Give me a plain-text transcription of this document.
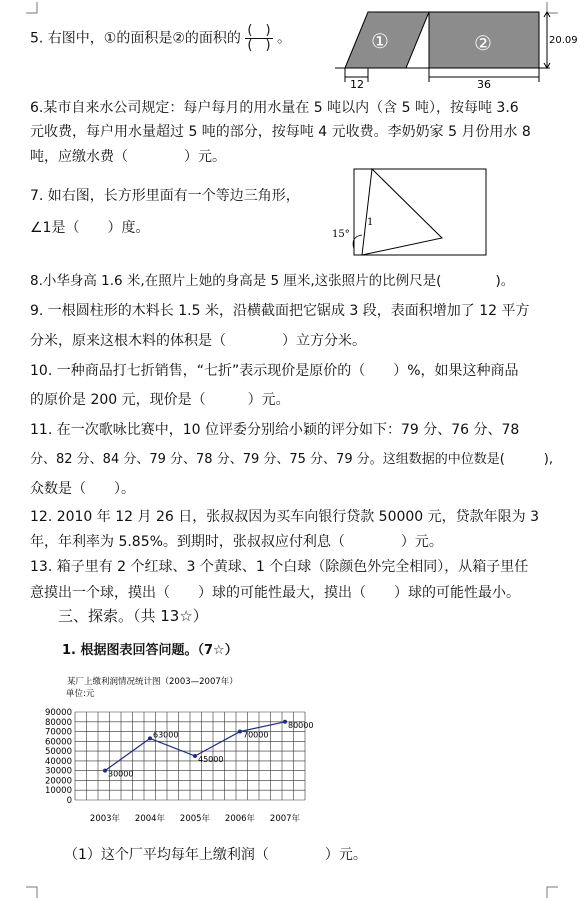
5. 右图中，①的面积是②的面积的 $\frac{( )}{( )}$ 。	①	②	20.09
12	36
6.某市自来水公司规定：每户每月的用水量在 5 吨以内（含 5 吨），按每吨 3.6
元收费，每户用水量超过 5 吨的部分，按每吨 4 元收费。李奶奶家 5 月份用水 8
吨，应缴水费（　　　　）元。
7. 如右图，长方形里面有一个等边三角形，
∠1是（　　）度。	15°
1
8.小华身高 1.6 米,在照片上她的身高是 5 厘米,这张照片的比例尺是(　　　　)。
9. 一根圆柱形的木料长 1.5 米，沿横截面把它锯成 3 段，表面积增加了 12 平方
分米，原来这根木料的体积是（　　　　）立方分米。
10. 一种商品打七折销售，“七折”表示现价是原价的（　　）%，如果这种商品
的原价是 200 元，现价是（　　　）元。
11. 在一次歌咏比赛中，10 位评委分别给小颖的评分如下：79 分、76 分、78
分、82 分、84 分、79 分、78 分、79 分、75 分、79 分。这组数据的中位数是(　　　),
众数是（　　）。
12. 2010 年 12 月 26 日，张叔叔因为买车向银行贷款 50000 元，贷款年限为 3
年，年利率为 5.85%。到期时，张叔叔应付利息（　　　　）元。
13. 箱子里有 2 个红球、3 个黄球、1 个白球（除颜色外完全相同），从箱子里任
意摸出一个球，摸出（　　）球的可能性最大，摸出（　　）球的可能性最小。
三、探索。（共 13☆）
1. 根据图表回答问题。（7☆）
某厂上缴利润情况统计图（2003—2007年）
单位:元
0
10000
20000
30000
40000
50000
60000
70000
80000
90000
2003年 2004年 2005年 2006年 2007年
30000
63000
45000
70000
80000
（1）这个厂平均每年上缴利润（　　　　）元。
